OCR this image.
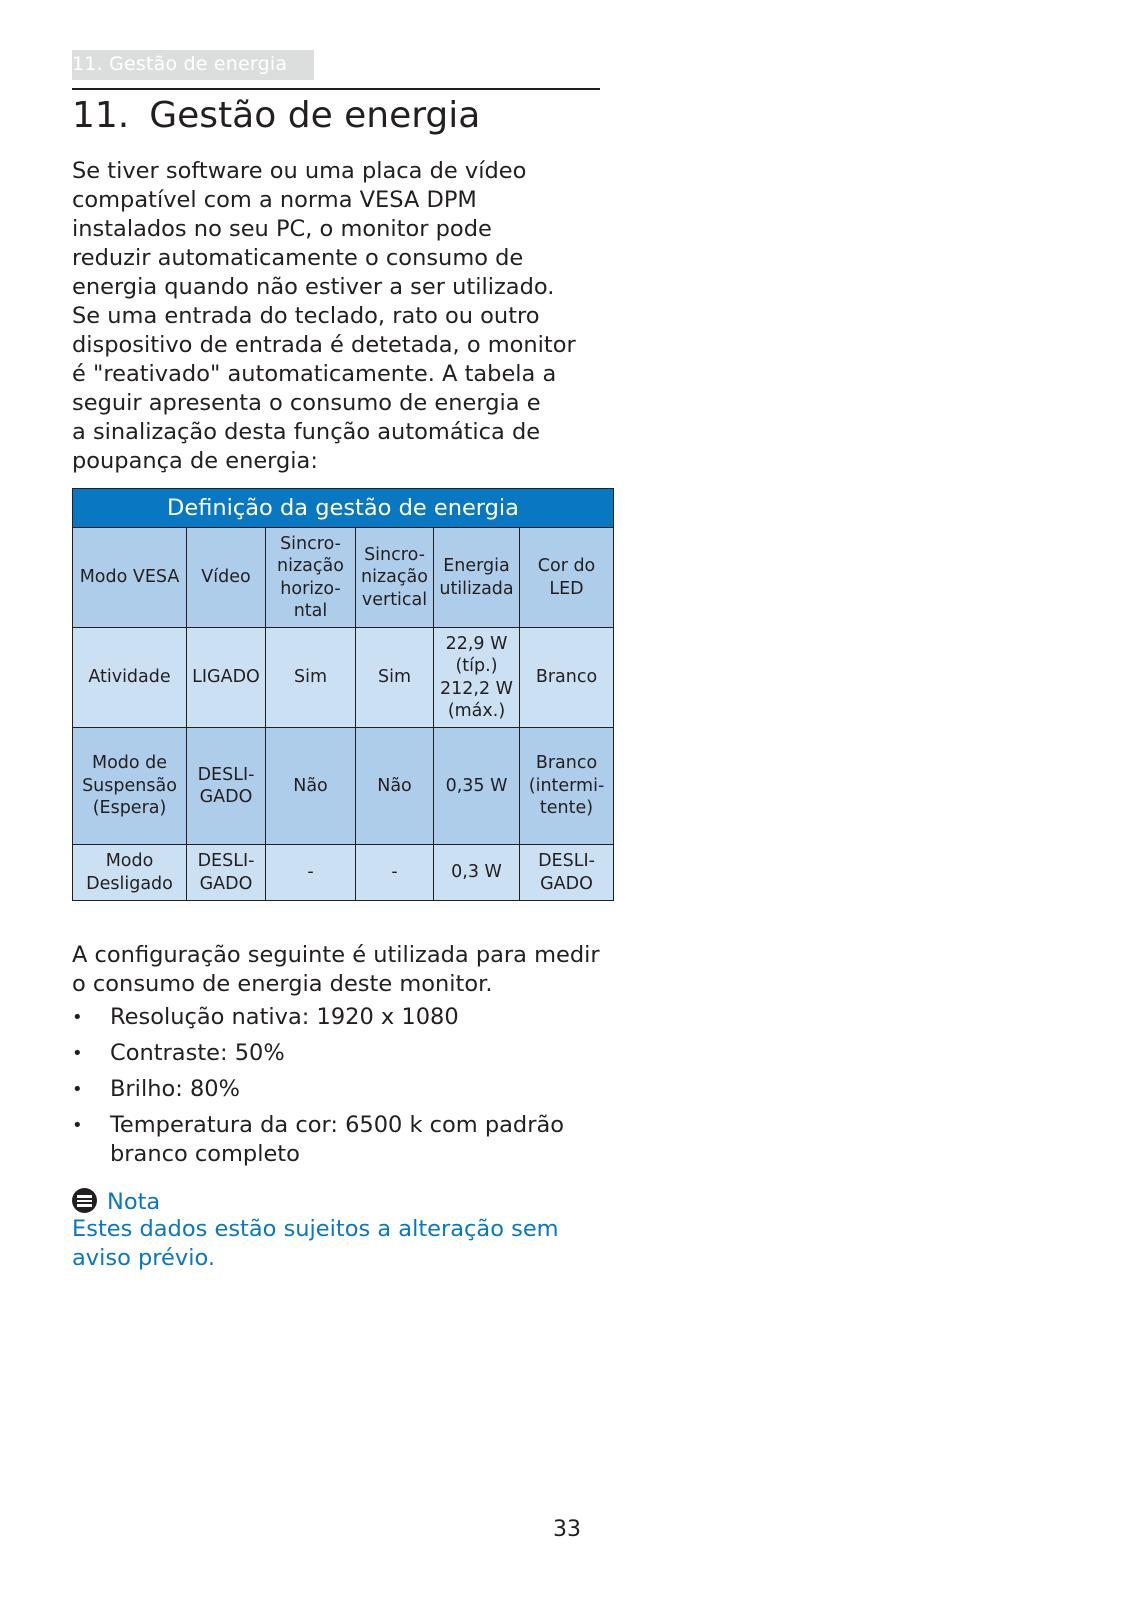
11. Gestão de energia
11. Gestão de energia

Se tiver software ou uma placa de vídeo
compatível com a norma VESA DPM
instalados no seu PC, o monitor pode
reduzir automaticamente o consumo de
energia quando não estiver a ser utilizado.
Se uma entrada do teclado, rato ou outro
dispositivo de entrada é detetada, o monitor
é "reativado" automaticamente. A tabela a
seguir apresenta o consumo de energia e
a sinalização desta função automática de
poupança de energia:

Definição da gestão de energia					
Modo VESA	Vídeo	Sincro-
nização
horizo-
ntal	Sincro-
nização
vertical	Energia
utilizada	Cor do
LED
Atividade	LIGADO	Sim	Sim	22,9 W
(típ.)
212,2 W
(máx.)	Branco
Modo de
Suspensão
(Espera)	DESLI-
GADO	Não	Não	0,35 W	Branco
(intermi-
tente)
Modo
Desligado	DESLI-
GADO	-	-	0,3 W	DESLI-
GADO

A configuração seguinte é utilizada para medir
o consumo de energia deste monitor.

• Resolução nativa: 1920 x 1080
• Contraste: 50%
• Brilho: 80%
• Temperatura da cor: 6500 k com padrão
branco completo
Nota

Estes dados estão sujeitos a alteração sem
aviso prévio.

33
